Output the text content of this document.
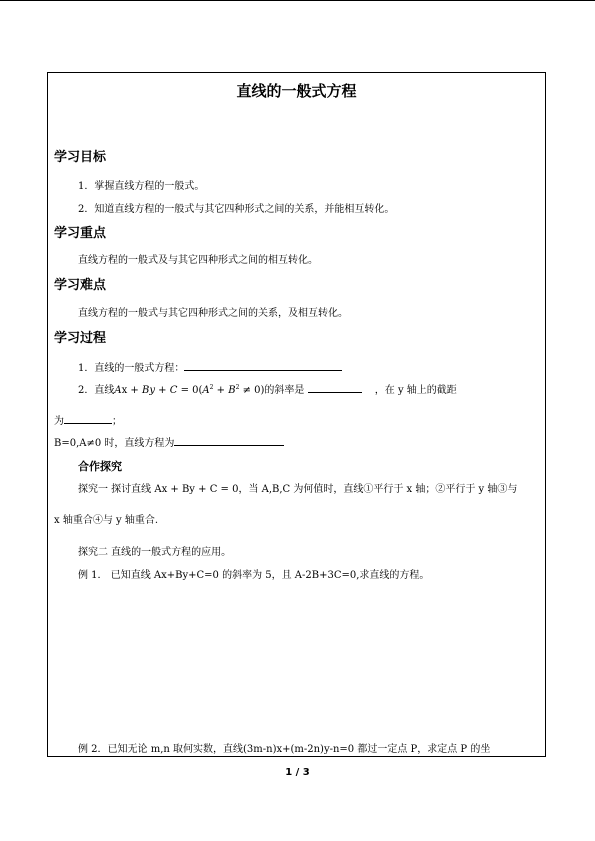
直线的一般式方程
学习目标
1．掌握直线方程的一般式。
2．知道直线方程的一般式与其它四种形式之间的关系，并能相互转化。
学习重点
直线方程的一般式及与其它四种形式之间的相互转化。
学习难点
直线方程的一般式与其它四种形式之间的关系，及相互转化。
学习过程
1．直线的一般式方程：
2．直线$Ax + By + C = 0(A^2 + B^2 \ne 0)$的斜率是	，在 y 轴上的截距
为	；
B=0,A≠0 时，直线方程为
合作探究
探究一 探讨直线 Ax + By + C = 0，当 A,B,C 为何值时，直线①平行于 x 轴；②平行于 y 轴③与
x 轴重合④与 y 轴重合.
探究二 直线的一般式方程的应用。
例 1． 已知直线 Ax+By+C=0 的斜率为 5，且 A-2B+3C=0,求直线的方程。
例 2．已知无论 m,n 取何实数，直线(3m-n)x+(m-2n)y-n=0 都过一定点 P，求定点 P 的坐
1 / 3
